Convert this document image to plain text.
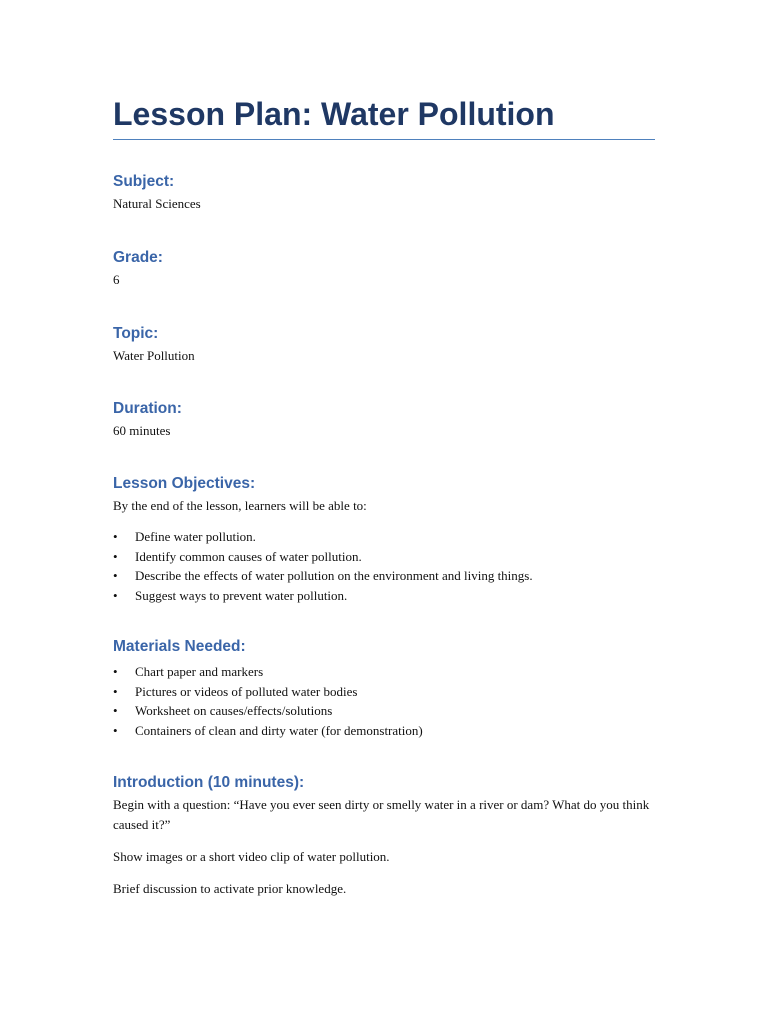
Lesson Plan: Water Pollution
Subject:

Natural Sciences

Grade:

6

Topic:

Water Pollution

Duration:

60 minutes

Lesson Objectives:

By the end of the lesson, learners will be able to:

• Define water pollution.
• Identify common causes of water pollution.
• Describe the effects of water pollution on the environment and living things.
• Suggest ways to prevent water pollution.
Materials Needed:
• Chart paper and markers
• Pictures or videos of polluted water bodies
• Worksheet on causes/effects/solutions
• Containers of clean and dirty water (for demonstration)
Introduction (10 minutes):

Begin with a question: “Have you ever seen dirty or smelly water in a river or dam? What do you think caused it?”

Show images or a short video clip of water pollution.

Brief discussion to activate prior knowledge.
